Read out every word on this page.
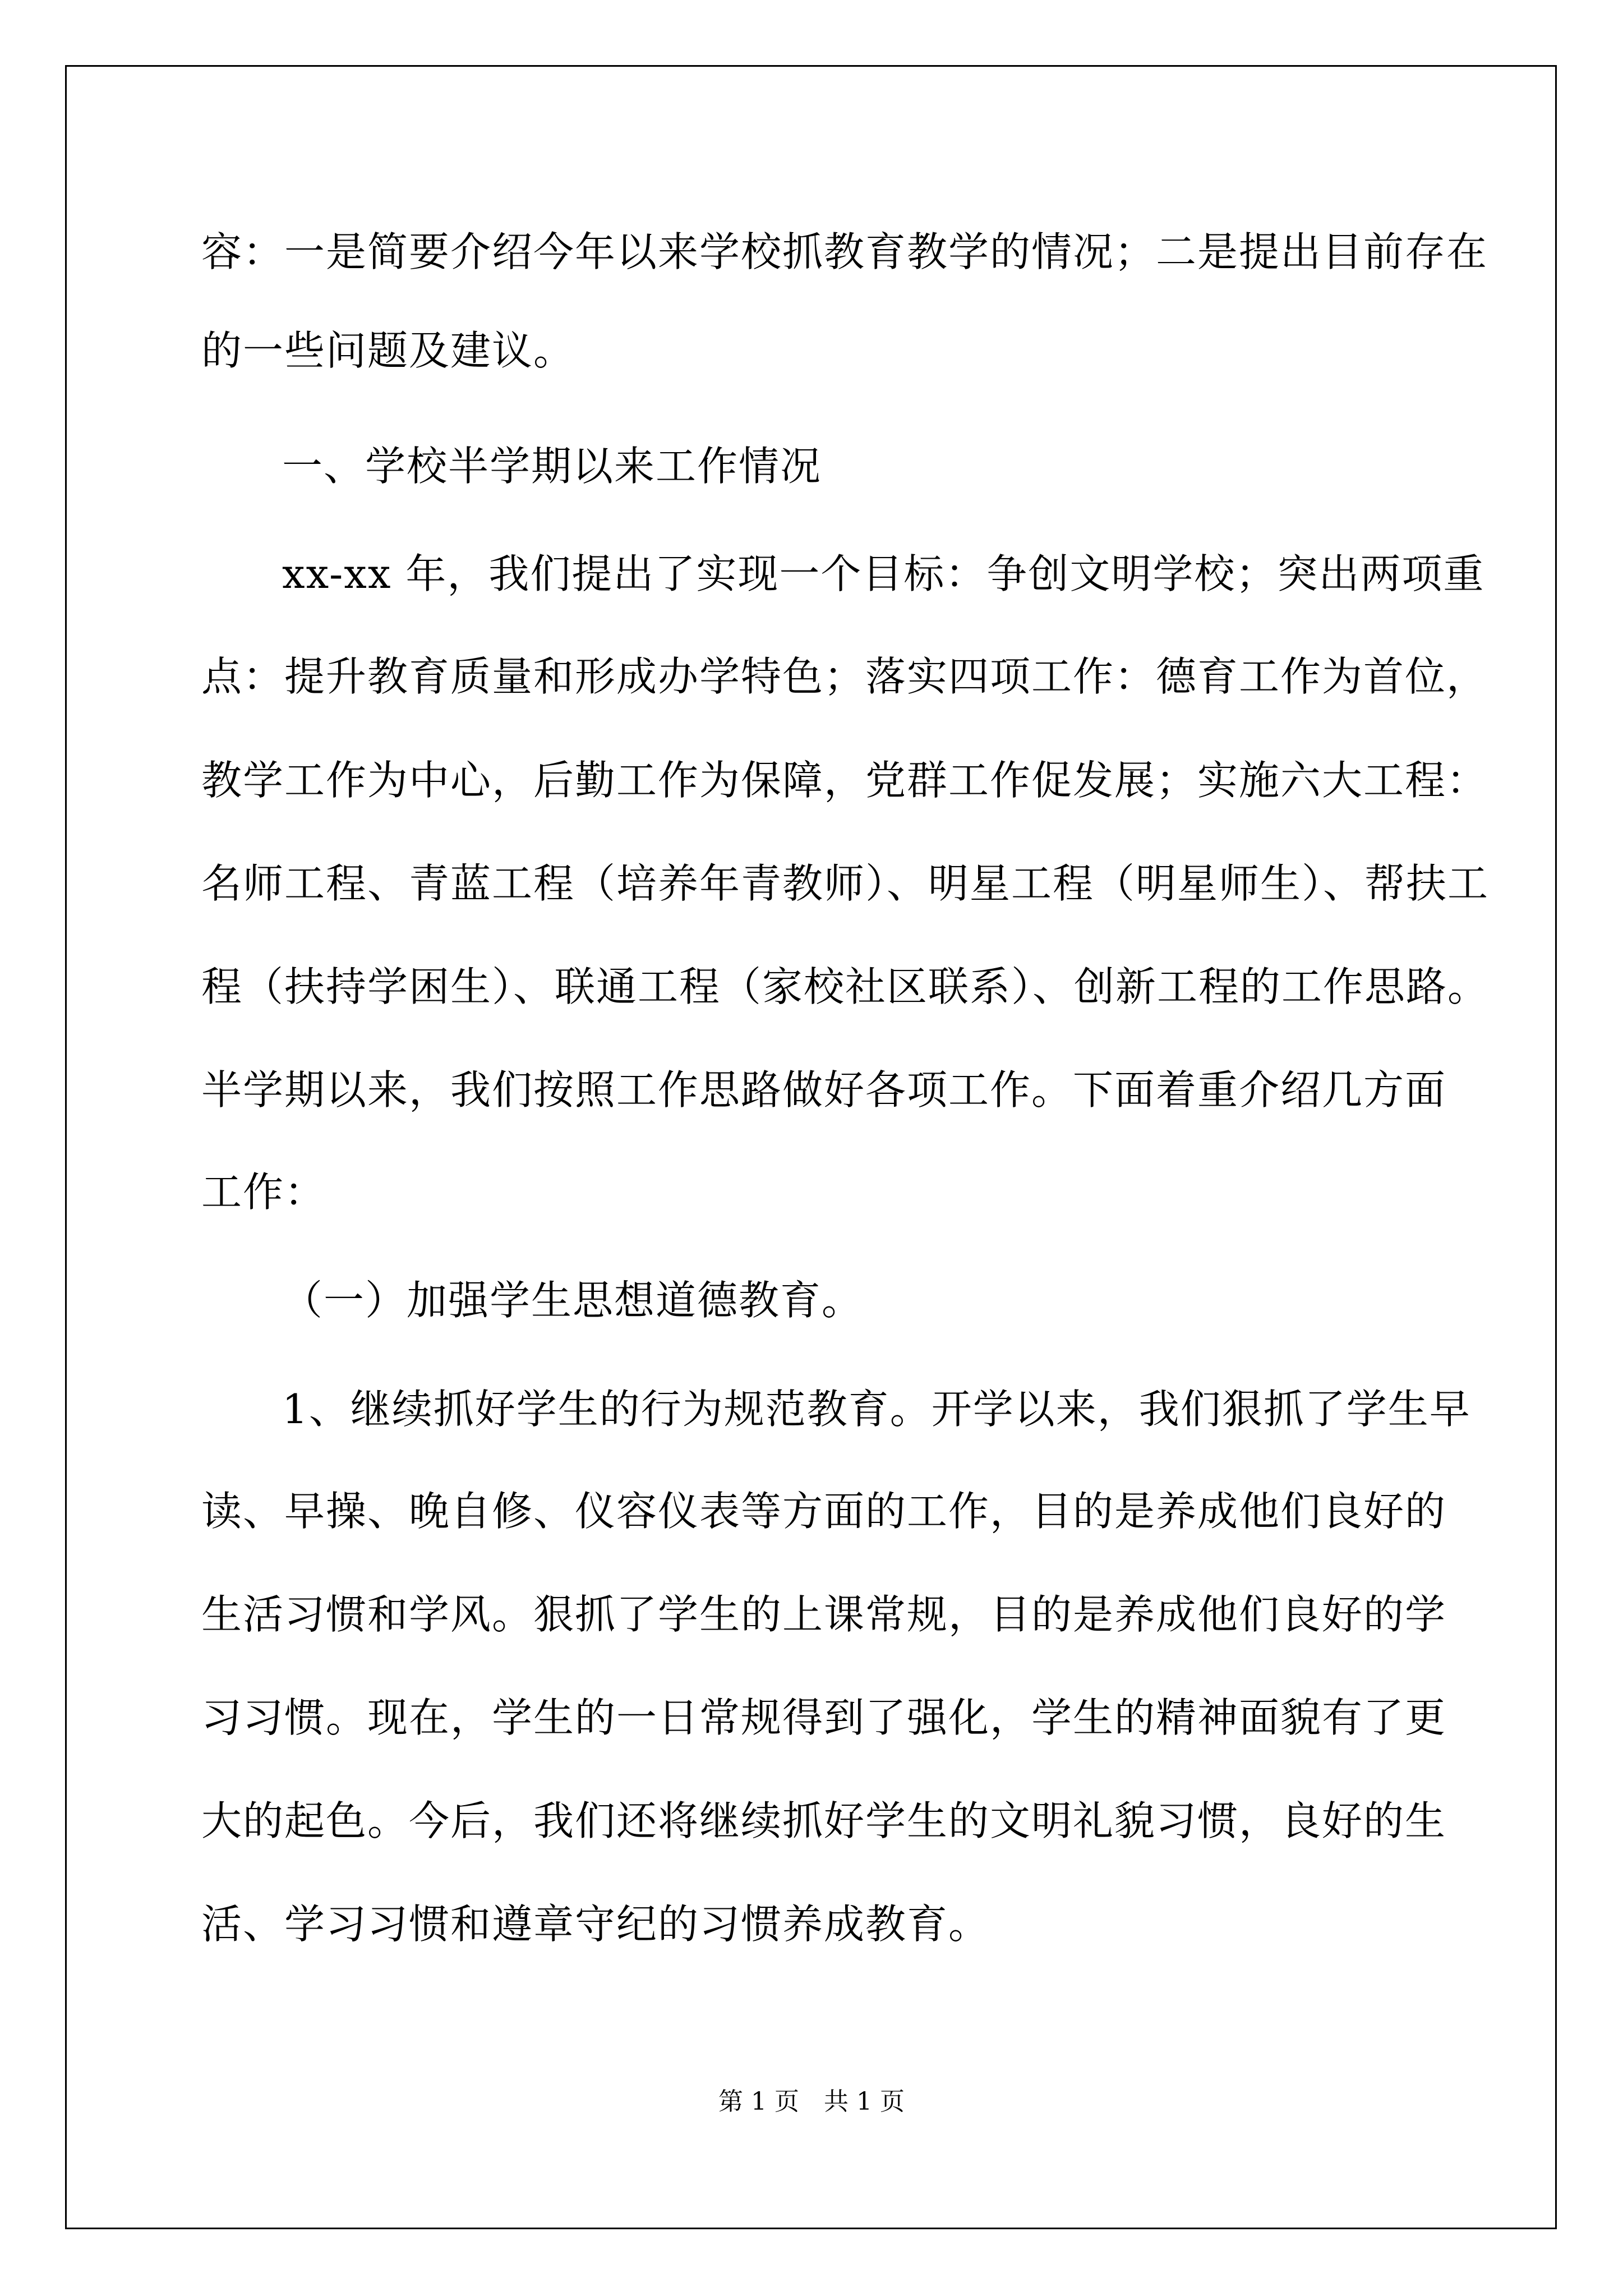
容：一是简要介绍今年以来学校抓教育教学的情况；二是提出目前存在

的一些问题及建议。

一、学校半学期以来工作情况

xx-xx 年，我们提出了实现一个目标：争创文明学校；突出两项重

点：提升教育质量和形成办学特色；落实四项工作：德育工作为首位，

教学工作为中心，后勤工作为保障，党群工作促发展；实施六大工程：

名师工程、青蓝工程（培养年青教师）、明星工程（明星师生）、帮扶工

程（扶持学困生）、联通工程（家校社区联系）、创新工程的工作思路。

半学期以来，我们按照工作思路做好各项工作。下面着重介绍几方面

工作：

（一）加强学生思想道德教育。

1、继续抓好学生的行为规范教育。开学以来，我们狠抓了学生早

读、早操、晚自修、仪容仪表等方面的工作，目的是养成他们良好的

生活习惯和学风。狠抓了学生的上课常规，目的是养成他们良好的学

习习惯。现在，学生的一日常规得到了强化，学生的精神面貌有了更

大的起色。今后，我们还将继续抓好学生的文明礼貌习惯，良好的生

活、学习习惯和遵章守纪的习惯养成教育。

第 1 页　共 1 页
